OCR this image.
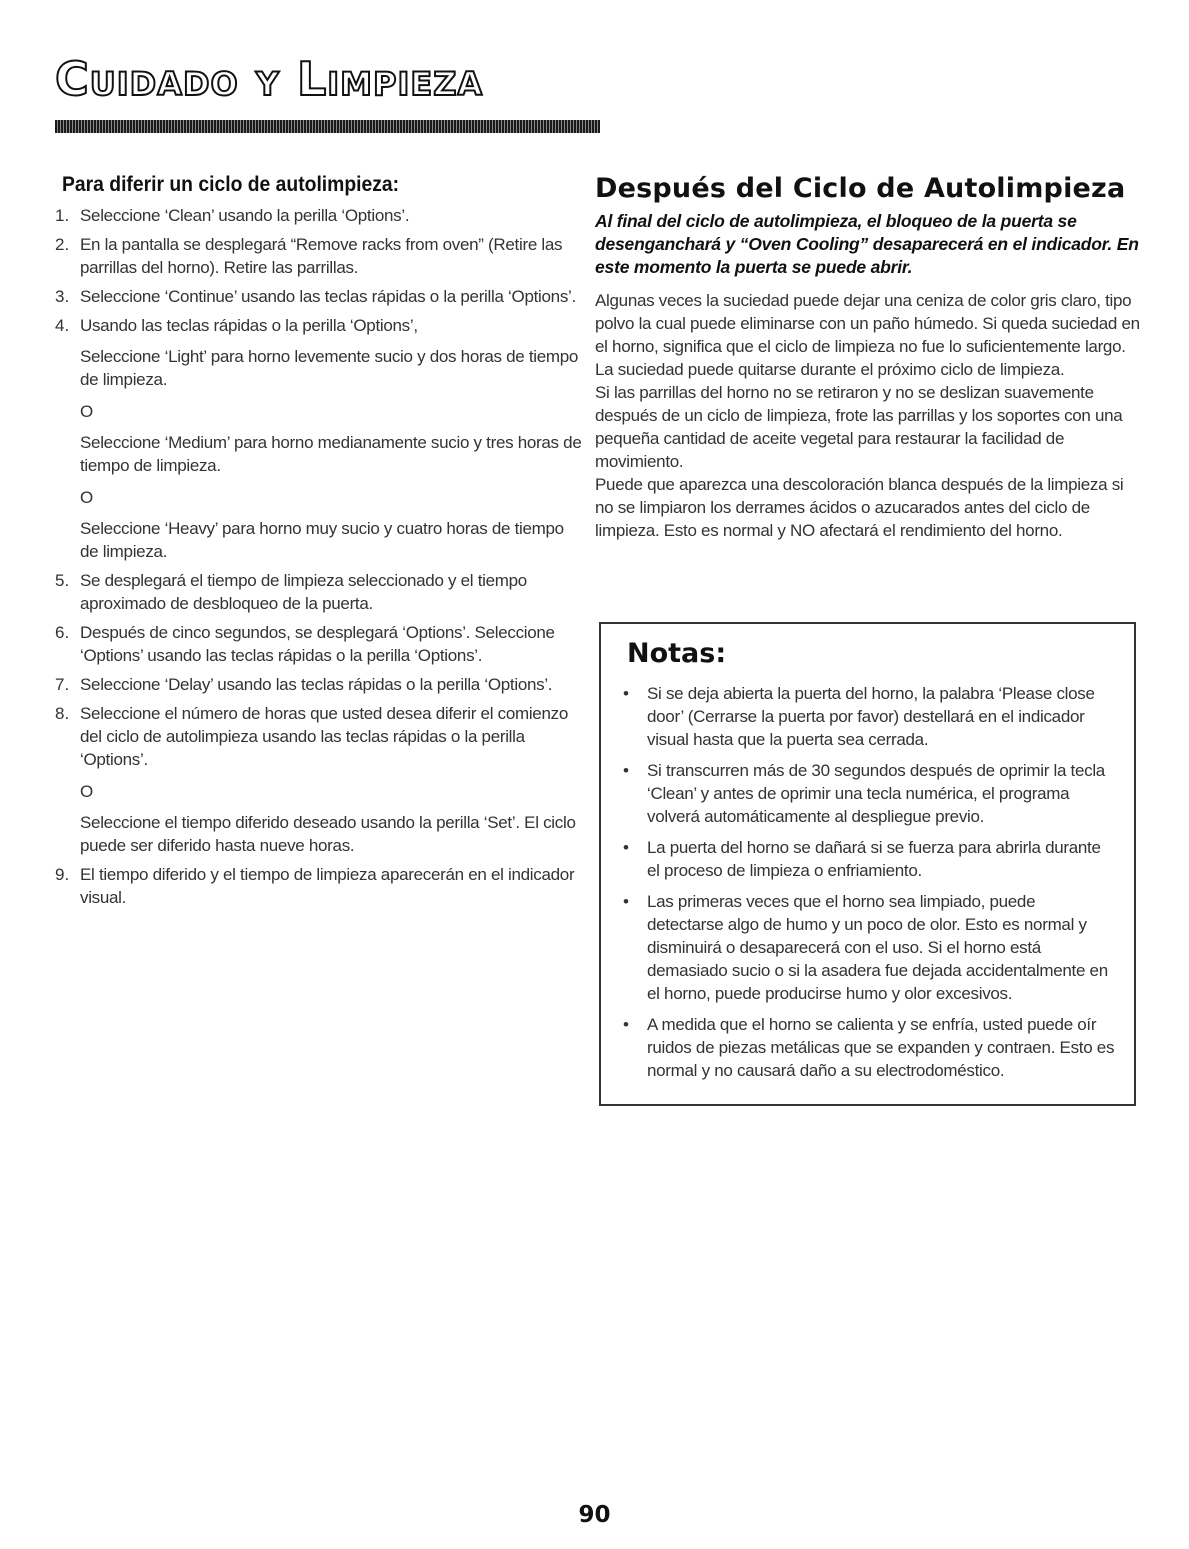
Cuidado y Limpieza
Para diferir un ciclo de autolimpieza:
1. Seleccione ‘Clean’ usando la perilla ‘Options’.

2. En la pantalla se desplegará “Remove racks from oven” (Retire las parrillas del horno). Retire las parrillas.

3. Seleccione ‘Continue’ usando las teclas rápidas o la perilla ‘Options’.

4. Usando las teclas rápidas o la perilla ‘Options’,

Seleccione ‘Light’ para horno levemente sucio y dos horas de tiempo de limpieza.

O

Seleccione ‘Medium’ para horno medianamente sucio y tres horas de tiempo de limpieza.

O

Seleccione ‘Heavy’ para horno muy sucio y cuatro horas de tiempo de limpieza.

5. Se desplegará el tiempo de limpieza seleccionado y el tiempo aproximado de desbloqueo de la puerta.

6. Después de cinco segundos, se desplegará ‘Options’. Seleccione ‘Options’ usando las teclas rápidas o la perilla ‘Options’.

7. Seleccione ‘Delay’ usando las teclas rápidas o la perilla ‘Options’.

8. Seleccione el número de horas que usted desea diferir el comienzo del ciclo de autolimpieza usando las teclas rápidas o la perilla ‘Options’.

O

Seleccione el tiempo diferido deseado usando la perilla ‘Set’. El ciclo puede ser diferido hasta nueve horas.

9. El tiempo diferido y el tiempo de limpieza aparecerán en el indicador visual.

Después del Ciclo de Autolimpieza

Al final del ciclo de autolimpieza, el bloqueo de la puerta se desenganchará y “Oven Cooling” desaparecerá en el indicador. En este momento la puerta se puede abrir.

Algunas veces la suciedad puede dejar una ceniza de color gris claro, tipo polvo la cual puede eliminarse con un paño húmedo. Si queda suciedad en el horno, significa que el ciclo de limpieza no fue lo suficientemente largo. La suciedad puede quitarse durante el próximo ciclo de limpieza.

Si las parrillas del horno no se retiraron y no se deslizan suavemente después de un ciclo de limpieza, frote las parrillas y los soportes con una pequeña cantidad de aceite vegetal para restaurar la facilidad de movimiento.

Puede que aparezca una descoloración blanca después de la limpieza si no se limpiaron los derrames ácidos o azucarados antes del ciclo de limpieza. Esto es normal y NO afectará el rendimiento del horno.

Notas:
• Si se deja abierta la puerta del horno, la palabra ‘Please close door’ (Cerrarse la puerta por favor) destellará en el indicador visual hasta que la puerta sea cerrada.

• Si transcurren más de 30 segundos después de oprimir la tecla ‘Clean’ y antes de oprimir una tecla numérica, el programa volverá automáticamente al despliegue previo.

• La puerta del horno se dañará si se fuerza para abrirla durante el proceso de limpieza o enfriamiento.

• Las primeras veces que el horno sea limpiado, puede detectarse algo de humo y un poco de olor. Esto es normal y disminuirá o desaparecerá con el uso. Si el horno está demasiado sucio o si la asadera fue dejada accidentalmente en el horno, puede producirse humo y olor excesivos.

• A medida que el horno se calienta y se enfría, usted puede oír ruidos de piezas metálicas que se expanden y contraen. Esto es normal y no causará daño a su electrodoméstico.

90
